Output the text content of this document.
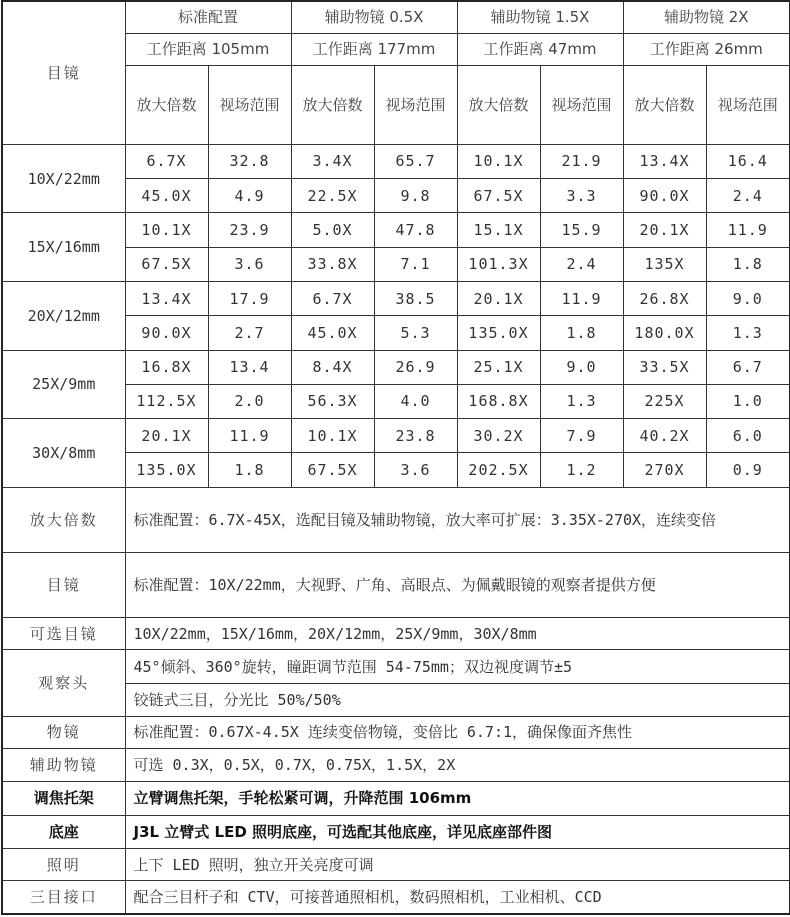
目镜	标准配置		辅助物镜 0.5X		辅助物镜 1.5X		辅助物镜 2X	
	工作距离 105mm		工作距离 177mm		工作距离 47mm		工作距离 26mm	
	放大倍数	视场范围	放大倍数	视场范围	放大倍数	视场范围	放大倍数	视场范围
10X/22mm	6.7X	32.8	3.4X	65.7	10.1X	21.9	13.4X	16.4
	45.0X	4.9	22.5X	9.8	67.5X	3.3	90.0X	2.4
15X/16mm	10.1X	23.9	5.0X	47.8	15.1X	15.9	20.1X	11.9
	67.5X	3.6	33.8X	7.1	101.3X	2.4	135X	1.8
20X/12mm	13.4X	17.9	6.7X	38.5	20.1X	11.9	26.8X	9.0
	90.0X	2.7	45.0X	5.3	135.0X	1.8	180.0X	1.3
25X/9mm	16.8X	13.4	8.4X	26.9	25.1X	9.0	33.5X	6.7
	112.5X	2.0	56.3X	4.0	168.8X	1.3	225X	1.0
30X/8mm	20.1X	11.9	10.1X	23.8	30.2X	7.9	40.2X	6.0
	135.0X	1.8	67.5X	3.6	202.5X	1.2	270X	0.9
放大倍数	标准配置：6.7X-45X，选配目镜及辅助物镜，放大率可扩展：3.35X-270X，连续变倍							
目镜	标准配置：10X/22mm，大视野、广角、高眼点、为佩戴眼镜的观察者提供方便							
可选目镜	10X/22mm，15X/16mm，20X/12mm，25X/9mm，30X/8mm							
观察头	45°倾斜、360°旋转，瞳距调节范围 54-75mm；双边视度调节±5							
	铰链式三目，分光比 50%/50%							
物镜	标准配置：0.67X-4.5X 连续变倍物镜，变倍比 6.7:1，确保像面齐焦性							
辅助物镜	可选 0.3X，0.5X，0.7X，0.75X，1.5X，2X							
调焦托架	立臂调焦托架，手轮松紧可调，升降范围 106mm							
底座	J3L 立臂式 LED 照明底座，可选配其他底座，详见底座部件图							
照明	上下 LED 照明，独立开关亮度可调							
三目接口	配合三目杆子和 CTV，可接普通照相机，数码照相机，工业相机、CCD							
